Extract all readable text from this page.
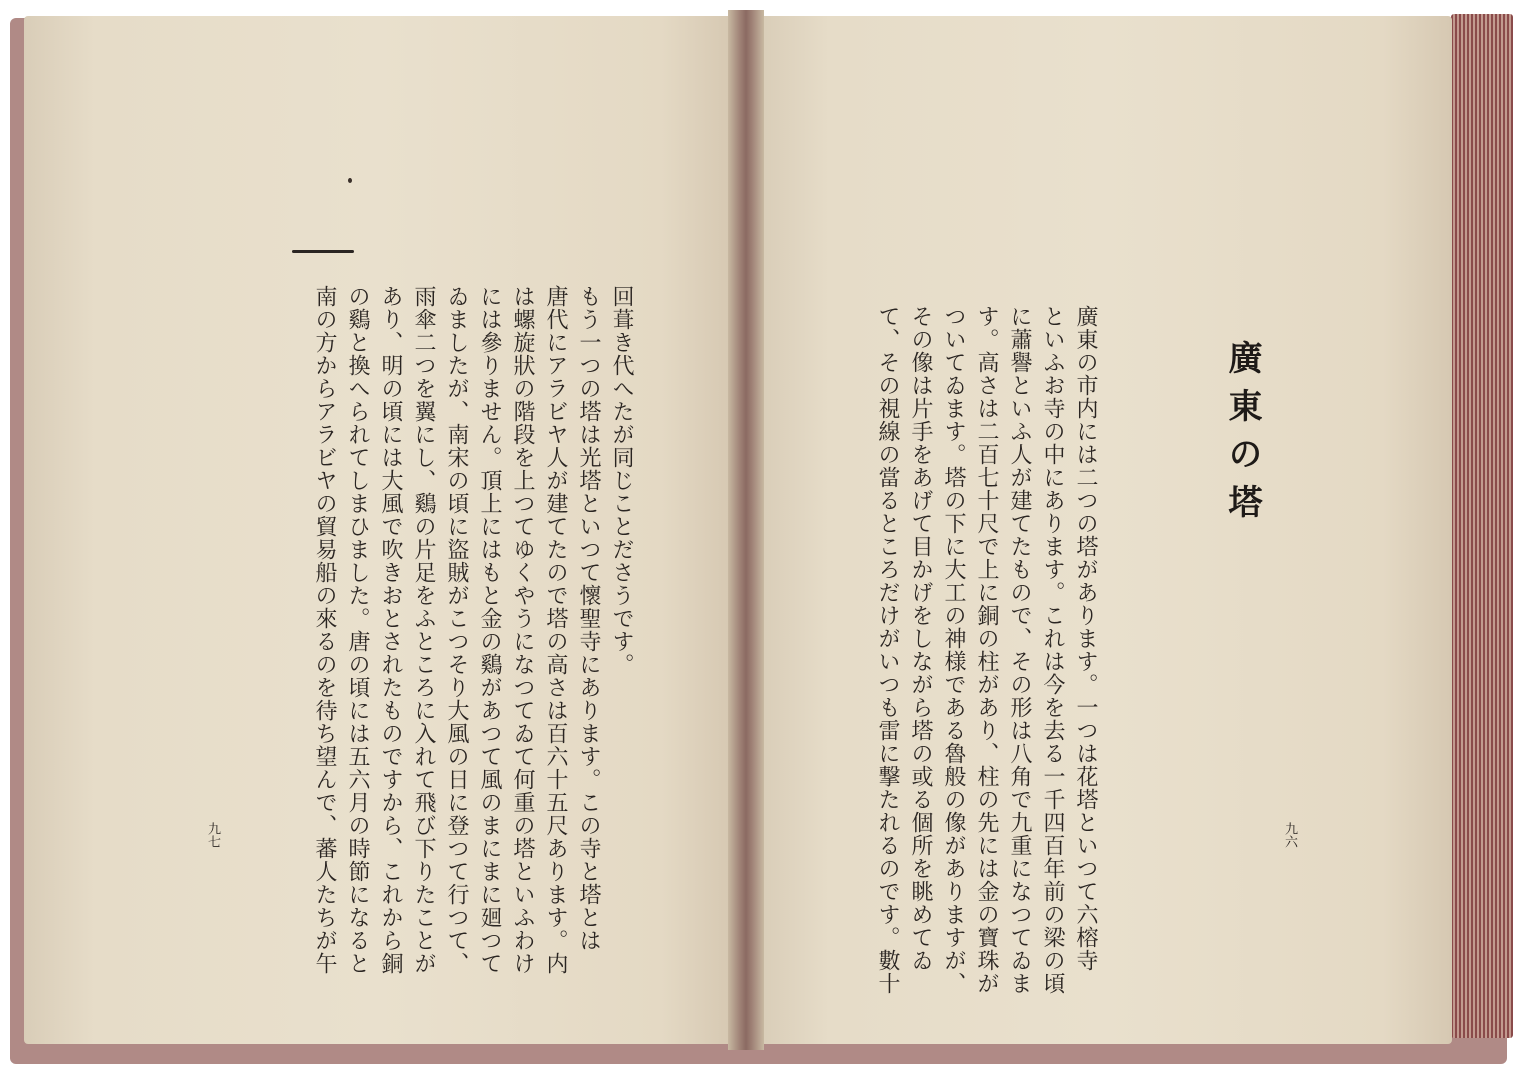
廣東の塔
廣東の市内には二つの塔があります。一つは花塔といつて六榕寺
といふお寺の中にあります。これは今を去る一千四百年前の梁の頃
に蕭譽といふ人が建てたもので、その形は八角で九重になつてゐま
す。高さは二百七十尺で上に銅の柱があり、柱の先には金の寶珠が
ついてゐます。塔の下に大工の神様である魯般の像がありますが、
その像は片手をあげて目かげをしながら塔の或る個所を眺めてゐ
て、その視線の當るところだけがいつも雷に撃たれるのです。數十	九六
回葺き代へたが同じことださうです。
もう一つの塔は光塔といつて懷聖寺にあります。この寺と塔とは
唐代にアラビヤ人が建てたので塔の高さは百六十五尺あります。内
は螺旋狀の階段を上つてゆくやうになつてゐて何重の塔といふわけ
には參りません。頂上にはもと金の鷄があつて風のまにまに廻つて
ゐましたが、南宋の頃に盜賊がこつそり大風の日に登つて行つて、
雨傘二つを翼にし、鷄の片足をふところに入れて飛び下りたことが
あり、明の頃には大風で吹きおとされたものですから、これから銅
の鷄と換へられてしまひました。唐の頃には五六月の時節になると
南の方からアラビヤの貿易船の來るのを待ち望んで、蕃人たちが午
九七
